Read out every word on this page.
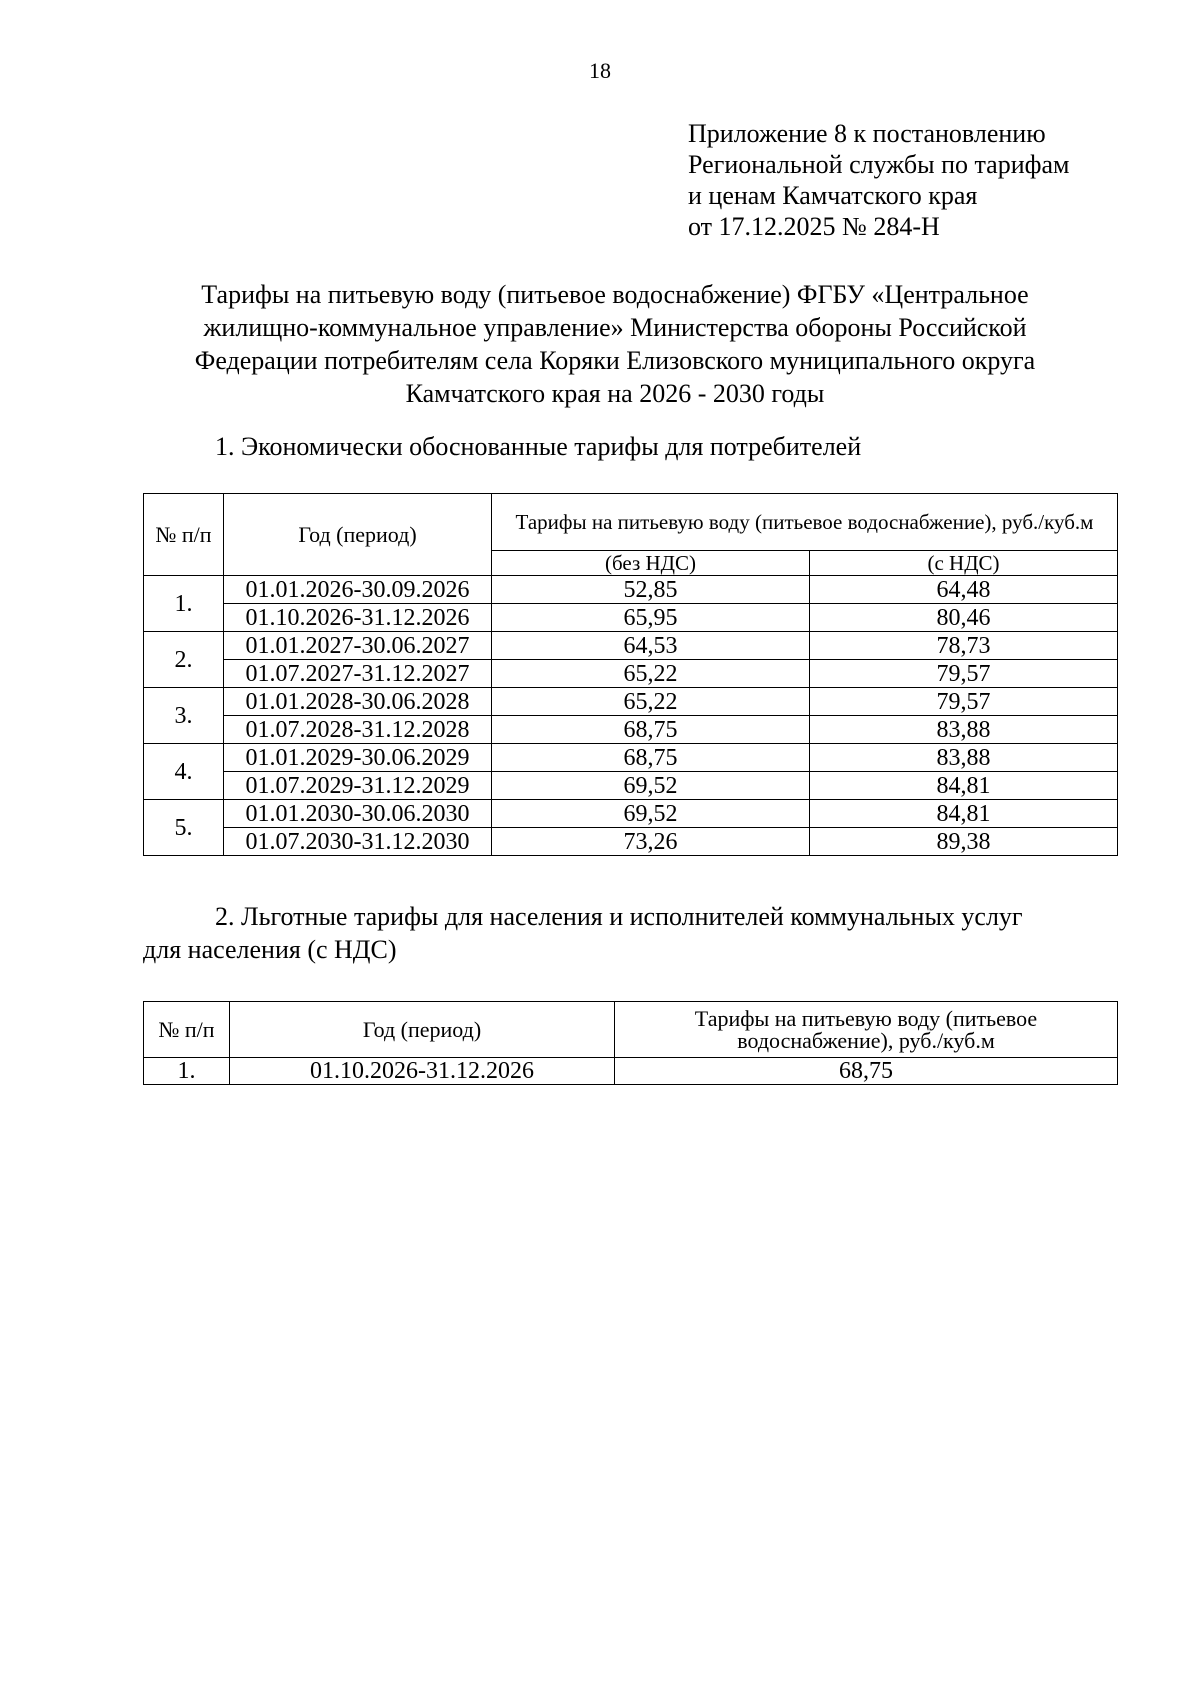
18
Приложение 8 к постановлению
Региональной службы по тарифам
и ценам Камчатского края
от 17.12.2025 № 284-Н
Тарифы на питьевую воду (питьевое водоснабжение) ФГБУ «Центральное
жилищно-коммунальное управление» Министерства обороны Российской
Федерации потребителям села Коряки Елизовского муниципального округа
Камчатского края на 2026 - 2030 годы
1. Экономически обоснованные тарифы для потребителей
№ п/п	Год (период)	Тарифы на питьевую воду (питьевое водоснабжение), руб./куб.м	
		(без НДС)	(с НДС)
1.	01.01.2026-30.09.2026	52,85	64,48
	01.10.2026-31.12.2026	65,95	80,46
2.	01.01.2027-30.06.2027	64,53	78,73
	01.07.2027-31.12.2027	65,22	79,57
3.	01.01.2028-30.06.2028	65,22	79,57
	01.07.2028-31.12.2028	68,75	83,88
4.	01.01.2029-30.06.2029	68,75	83,88
	01.07.2029-31.12.2029	69,52	84,81
5.	01.01.2030-30.06.2030	69,52	84,81
	01.07.2030-31.12.2030	73,26	89,38
2. Льготные тарифы для населения и исполнителей коммунальных услуг
для населения (с НДС)
№ п/п	Год (период)	Тарифы на питьевую воду (питьевое водоснабжение), руб./куб.м
1.	01.10.2026-31.12.2026	68,75
